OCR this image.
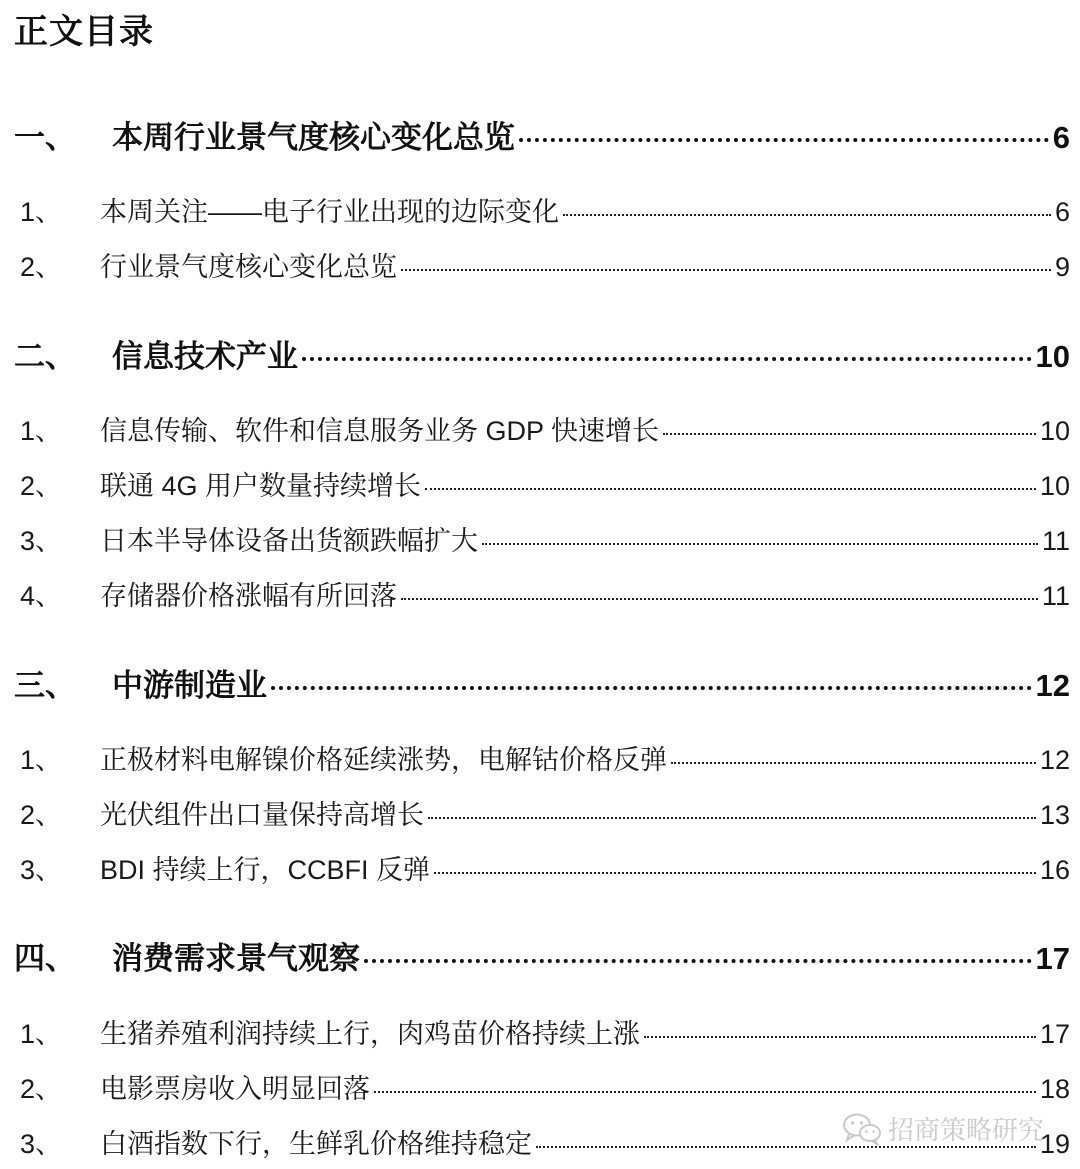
正文目录
一、	本周行业景气度核心变化总览	6
1、	本周关注——电子行业出现的边际变化	6
2、	行业景气度核心变化总览	9
二、	信息技术产业	10
1、	信息传输、软件和信息服务业务 GDP 快速增长	10
2、	联通 4G 用户数量持续增长	10
3、	日本半导体设备出货额跌幅扩大	11
4、	存储器价格涨幅有所回落	11
三、	中游制造业	12
1、	正极材料电解镍价格延续涨势，电解钴价格反弹	12
2、	光伏组件出口量保持高增长	13
3、	BDI 持续上行，CCBFI 反弹	16
四、	消费需求景气观察	17
1、	生猪养殖利润持续上行，肉鸡苗价格持续上涨	17
2、	电影票房收入明显回落	18
3、	白酒指数下行，生鲜乳价格维持稳定	19
招商策略研究
